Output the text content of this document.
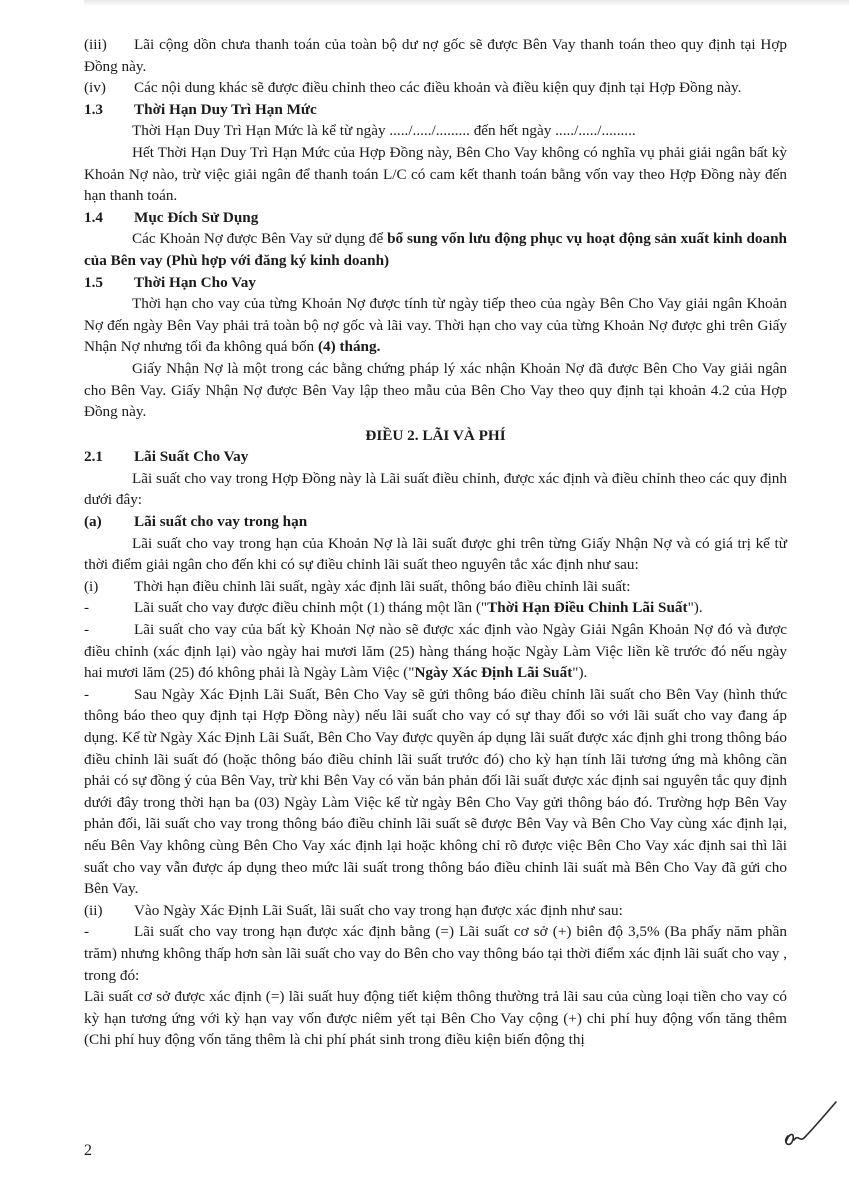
(iii) Lãi cộng dồn chưa thanh toán của toàn bộ dư nợ gốc sẽ được Bên Vay thanh toán theo quy định tại Hợp Đồng này.
(iv) Các nội dung khác sẽ được điều chỉnh theo các điều khoản và điều kiện quy định tại Hợp Đồng này.
1.3	Thời Hạn Duy Trì Hạn Mức

Thời Hạn Duy Trì Hạn Mức là kể từ ngày ...../...../......... đến hết ngày ...../...../.........

Hết Thời Hạn Duy Trì Hạn Mức của Hợp Đồng này, Bên Cho Vay không có nghĩa vụ phải giải ngân bất kỳ Khoản Nợ nào, trừ việc giải ngân để thanh toán L/C có cam kết thanh toán bằng vốn vay theo Hợp Đồng này đến hạn thanh toán.

1.4	Mục Đích Sử Dụng

Các Khoản Nợ được Bên Vay sử dụng để bổ sung vốn lưu động phục vụ hoạt động sản xuất kinh doanh của Bên vay (Phù hợp với đăng ký kinh doanh)

1.5	Thời Hạn Cho Vay

Thời hạn cho vay của từng Khoản Nợ được tính từ ngày tiếp theo của ngày Bên Cho Vay giải ngân Khoản Nợ đến ngày Bên Vay phải trả toàn bộ nợ gốc và lãi vay. Thời hạn cho vay của từng Khoản Nợ được ghi trên Giấy Nhận Nợ nhưng tối đa không quá bốn (4) tháng.

Giấy Nhận Nợ là một trong các bằng chứng pháp lý xác nhận Khoản Nợ đã được Bên Cho Vay giải ngân cho Bên Vay. Giấy Nhận Nợ được Bên Vay lập theo mẫu của Bên Cho Vay theo quy định tại khoản 4.2 của Hợp Đồng này.

ĐIỀU 2. LÃI VÀ PHÍ

2.1	Lãi Suất Cho Vay

Lãi suất cho vay trong Hợp Đồng này là Lãi suất điều chỉnh, được xác định và điều chỉnh theo các quy định dưới đây:

(a)	Lãi suất cho vay trong hạn

Lãi suất cho vay trong hạn của Khoản Nợ là lãi suất được ghi trên từng Giấy Nhận Nợ và có giá trị kể từ thời điểm giải ngân cho đến khi có sự điều chỉnh lãi suất theo nguyên tắc xác định như sau:

(i) Thời hạn điều chỉnh lãi suất, ngày xác định lãi suất, thông báo điều chỉnh lãi suất:
-	Lãi suất cho vay được điều chỉnh một (1) tháng một lần ("Thời Hạn Điều Chỉnh Lãi Suất").
-	Lãi suất cho vay của bất kỳ Khoản Nợ nào sẽ được xác định vào Ngày Giải Ngân Khoản Nợ đó và được điều chỉnh (xác định lại) vào ngày hai mươi lăm (25) hàng tháng hoặc Ngày Làm Việc liền kề trước đó nếu ngày hai mươi lăm (25) đó không phải là Ngày Làm Việc ("Ngày Xác Định Lãi Suất").
-	Sau Ngày Xác Định Lãi Suất, Bên Cho Vay sẽ gửi thông báo điều chỉnh lãi suất cho Bên Vay (hình thức thông báo theo quy định tại Hợp Đồng này) nếu lãi suất cho vay có sự thay đổi so với lãi suất cho vay đang áp dụng. Kể từ Ngày Xác Định Lãi Suất, Bên Cho Vay được quyền áp dụng lãi suất được xác định ghi trong thông báo điều chỉnh lãi suất đó (hoặc thông báo điều chỉnh lãi suất trước đó) cho kỳ hạn tính lãi tương ứng mà không cần phải có sự đồng ý của Bên Vay, trừ khi Bên Vay có văn bản phản đối lãi suất được xác định sai nguyên tắc quy định dưới đây trong thời hạn ba (03) Ngày Làm Việc kể từ ngày Bên Cho Vay gửi thông báo đó. Trường hợp Bên Vay phản đối, lãi suất cho vay trong thông báo điều chỉnh lãi suất sẽ được Bên Vay và Bên Cho Vay cùng xác định lại, nếu Bên Vay không cùng Bên Cho Vay xác định lại hoặc không chỉ rõ được việc Bên Cho Vay xác định sai thì lãi suất cho vay vẫn được áp dụng theo mức lãi suất trong thông báo điều chỉnh lãi suất mà Bên Cho Vay đã gửi cho Bên Vay.
(ii) Vào Ngày Xác Định Lãi Suất, lãi suất cho vay trong hạn được xác định như sau:
-	Lãi suất cho vay trong hạn được xác định bằng (=) Lãi suất cơ sở (+) biên độ 3,5% (Ba phẩy năm phần trăm) nhưng không thấp hơn sàn lãi suất cho vay do Bên cho vay thông báo tại thời điểm xác định lãi suất cho vay , trong đó:

Lãi suất cơ sở được xác định (=) lãi suất huy động tiết kiệm thông thường trả lãi sau của cùng loại tiền cho vay có kỳ hạn tương ứng với kỳ hạn vay vốn được niêm yết tại Bên Cho Vay cộng (+) chi phí huy động vốn tăng thêm (Chi phí huy động vốn tăng thêm là chi phí phát sinh trong điều kiện biến động thị

2
